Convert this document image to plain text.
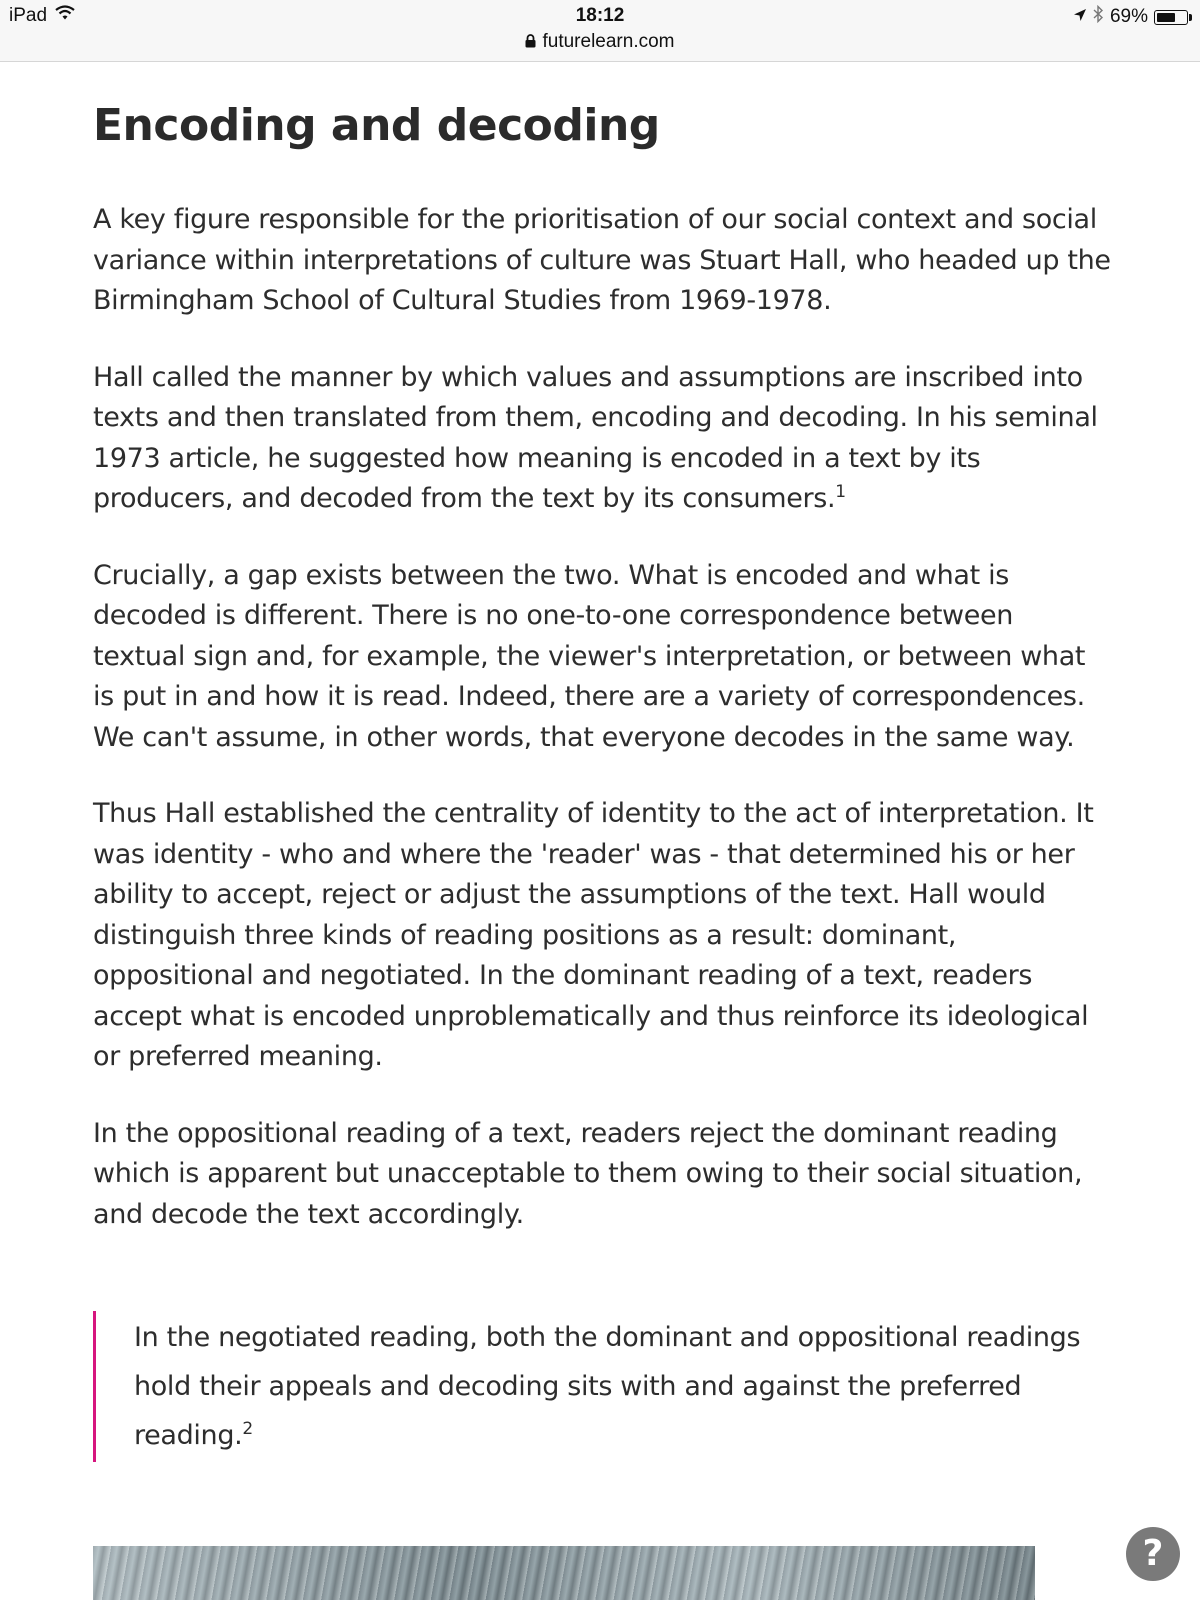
iPad	18:12
futurelearn.com
69%
Encoding and decoding

A key figure responsible for the prioritisation of our social context and social variance within interpretations of culture was Stuart Hall, who headed up the Birmingham School of Cultural Studies from 1969-1978.

Hall called the manner by which values and assumptions are inscribed into texts and then translated from them, encoding and decoding. In his seminal 1973 article, he suggested how meaning is encoded in a text by its producers, and decoded from the text by its consumers.$^1$

Crucially, a gap exists between the two. What is encoded and what is decoded is different. There is no one-to-one correspondence between textual sign and, for example, the viewer's interpretation, or between what is put in and how it is read. Indeed, there are a variety of correspondences. We can't assume, in other words, that everyone decodes in the same way.

Thus Hall established the centrality of identity to the act of interpretation. It was identity - who and where the 'reader' was - that determined his or her ability to accept, reject or adjust the assumptions of the text. Hall would distinguish three kinds of reading positions as a result: dominant, oppositional and negotiated. In the dominant reading of a text, readers accept what is encoded unproblematically and thus reinforce its ideological or preferred meaning.

In the oppositional reading of a text, readers reject the dominant reading which is apparent but unacceptable to them owing to their social situation, and decode the text accordingly.

In the negotiated reading, both the dominant and oppositional readings hold their appeals and decoding sits with and against the preferred reading.$^2$
?
